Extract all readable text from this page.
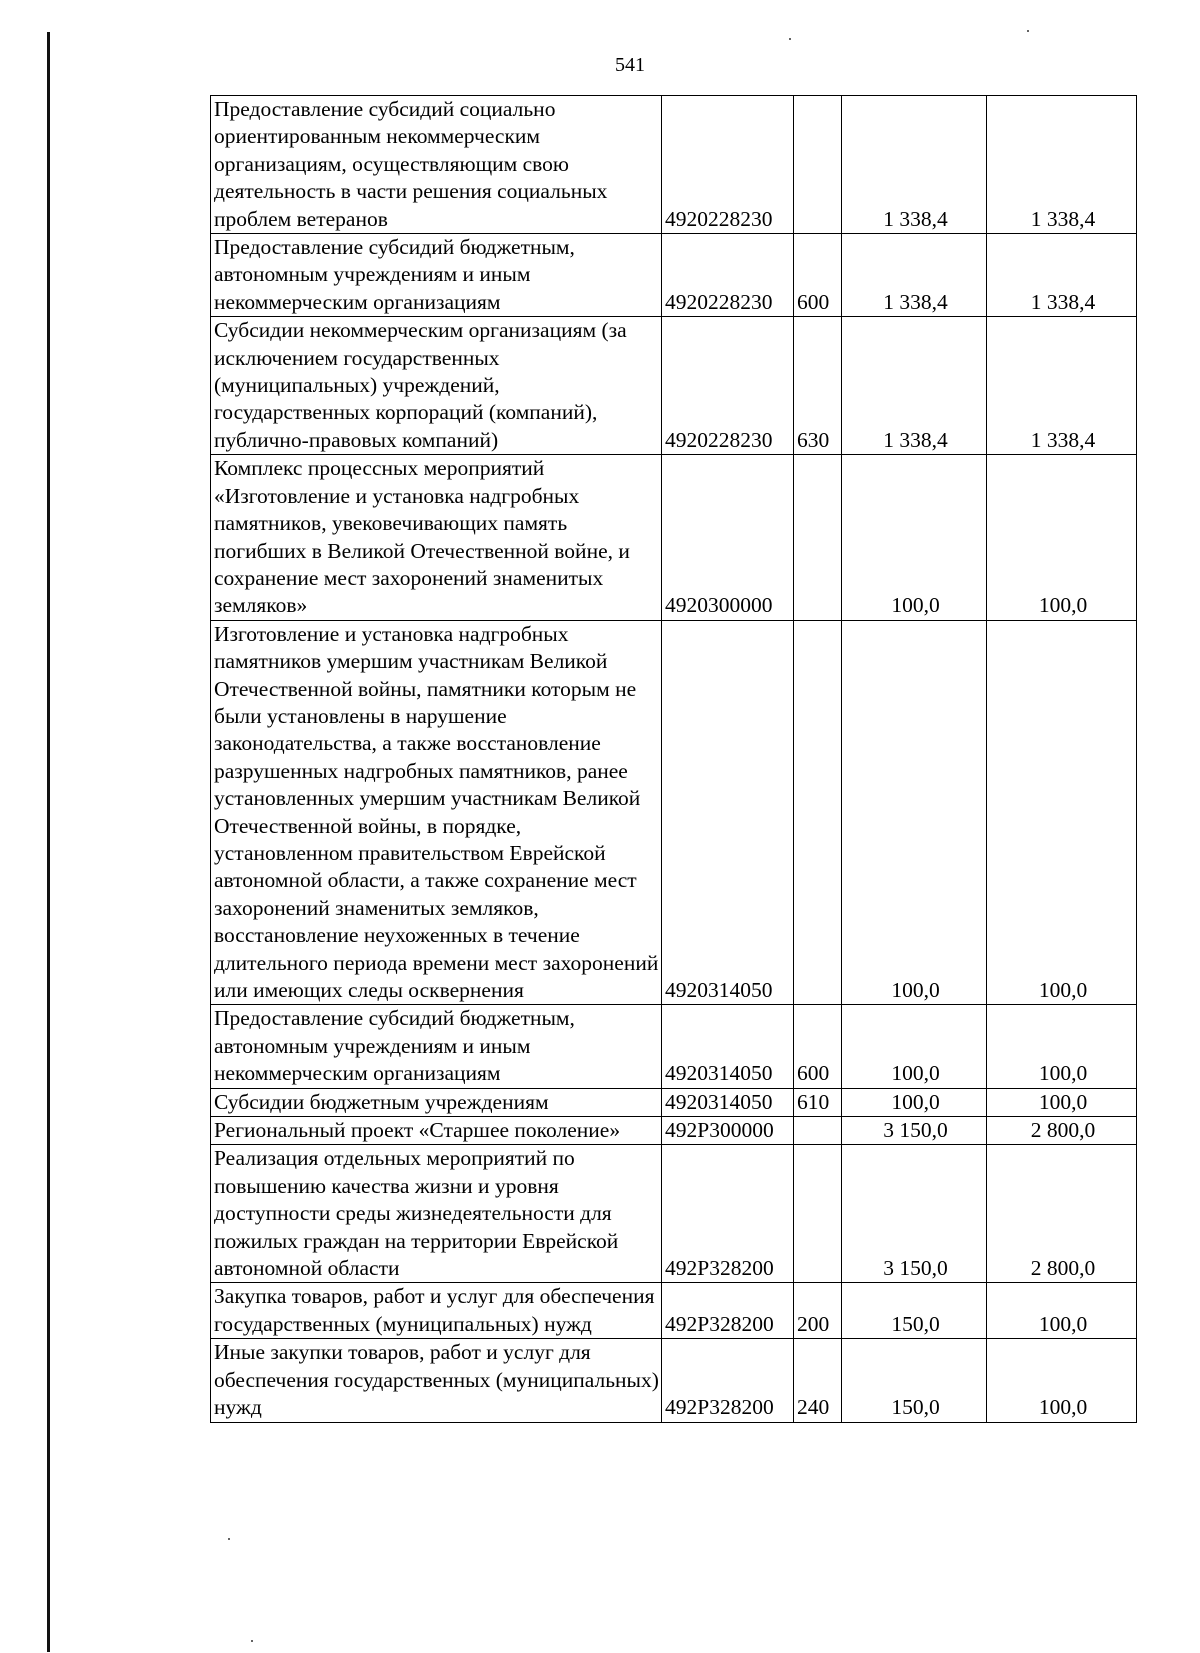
541
Предоставление субсидий социально ориентированным некоммерческим организациям, осуществляющим свою деятельность в части решения социальных проблем ветеранов	4920228230		1 338,4	1 338,4
Предоставление субсидий бюджетным, автономным учреждениям и иным некоммерческим организациям	4920228230	600	1 338,4	1 338,4
Субсидии некоммерческим организациям (за исключением государственных (муниципальных) учреждений, государственных корпораций (компаний), публично-правовых компаний)	4920228230	630	1 338,4	1 338,4
Комплекс процессных мероприятий «Изготовление и установка надгробных памятников, увековечивающих память погибших в Великой Отечественной войне, и сохранение мест захоронений знаменитых земляков»	4920300000		100,0	100,0
Изготовление и установка надгробных памятников умершим участникам Великой Отечественной войны, памятники которым не были установлены в нарушение законодательства, а также восстановление разрушенных надгробных памятников, ранее установленных умершим участникам Великой Отечественной войны, в порядке, установленном правительством Еврейской автономной области, а также сохранение мест захоронений знаменитых земляков, восстановление неухоженных в течение длительного периода времени мест захоронений или имеющих следы осквернения	4920314050		100,0	100,0
Предоставление субсидий бюджетным, автономным учреждениям и иным некоммерческим организациям	4920314050	600	100,0	100,0
Субсидии бюджетным учреждениям	4920314050	610	100,0	100,0
Региональный проект «Старшее поколение»	492P300000		3 150,0	2 800,0
Реализация отдельных мероприятий по повышению качества жизни и уровня доступности среды жизнедеятельности для пожилых граждан на территории Еврейской автономной области	492P328200		3 150,0	2 800,0
Закупка товаров, работ и услуг для обеспечения государственных (муниципальных) нужд	492P328200	200	150,0	100,0
Иные закупки товаров, работ и услуг для обеспечения государственных (муниципальных) нужд	492P328200	240	150,0	100,0
